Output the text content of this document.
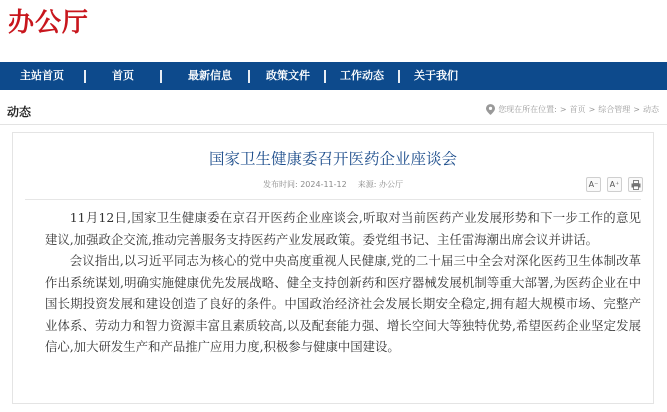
办公厅
主站首页	首页	最新信息	政策文件	工作动态	关于我们
动态	您现在所在位置: > 首页 > 综合管理 > 动态
国家卫生健康委召开医药企业座谈会
发布时间: 2024-11-12 来源: 办公厅	A⁻	A⁺

11月12日,国家卫生健康委在京召开医药企业座谈会,听取对当前医药产业发展形势和下一步工作的意见建议,加强政企交流,推动完善服务支持医药产业发展政策。委党组书记、主任雷海潮出席会议并讲话。

会议指出,以习近平同志为核心的党中央高度重视人民健康,党的二十届三中全会对深化医药卫生体制改革作出系统谋划,明确实施健康优先发展战略、健全支持创新药和医疗器械发展机制等重大部署,为医药企业在中国长期投资发展和建设创造了良好的条件。中国政治经济社会发展长期安全稳定,拥有超大规模市场、完整产业体系、劳动力和智力资源丰富且素质较高,以及配套能力强、增长空间大等独特优势,希望医药企业坚定发展信心,加大研发生产和产品推广应用力度,积极参与健康中国建设。
